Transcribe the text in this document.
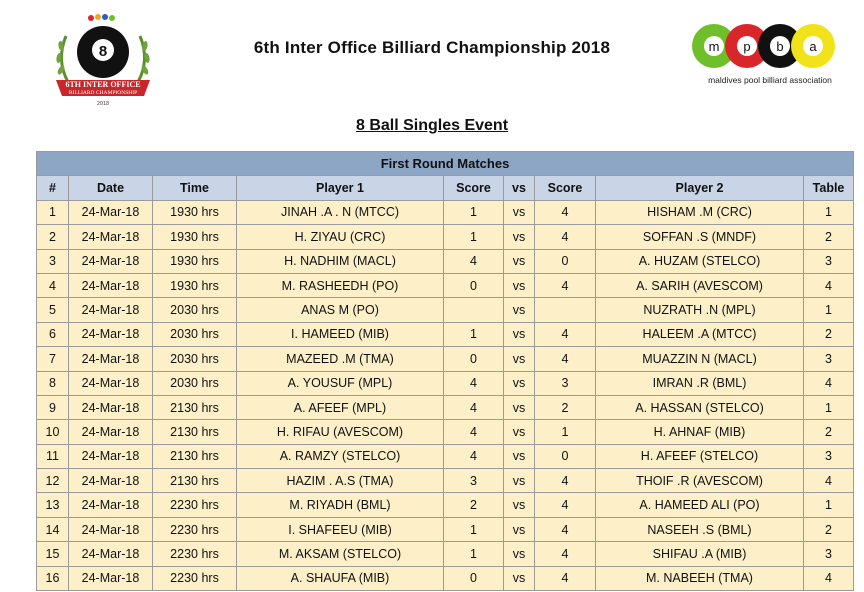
8
6TH INTER OFFICE
BILLIARD CHAMPIONSHIP
2018
6th Inter Office Billiard Championship 2018	m p b a
maldives pool billiard association
8 Ball Singles Event
First Round Matches								
#	Date	Time	Player 1	Score	vs	Score	Player 2	Table
1	24-Mar-18	1930 hrs	JINAH .A . N (MTCC)	1	vs	4	HISHAM .M (CRC)	1
2	24-Mar-18	1930 hrs	H. ZIYAU (CRC)	1	vs	4	SOFFAN .S (MNDF)	2
3	24-Mar-18	1930 hrs	H. NADHIM (MACL)	4	vs	0	A. HUZAM (STELCO)	3
4	24-Mar-18	1930 hrs	M. RASHEEDH (PO)	0	vs	4	A. SARIH (AVESCOM)	4
5	24-Mar-18	2030 hrs	ANAS M (PO)		vs		NUZRATH .N (MPL)	1
6	24-Mar-18	2030 hrs	I. HAMEED (MIB)	1	vs	4	HALEEM .A (MTCC)	2
7	24-Mar-18	2030 hrs	MAZEED .M (TMA)	0	vs	4	MUAZZIN N (MACL)	3
8	24-Mar-18	2030 hrs	A. YOUSUF (MPL)	4	vs	3	IMRAN .R (BML)	4
9	24-Mar-18	2130 hrs	A. AFEEF (MPL)	4	vs	2	A. HASSAN (STELCO)	1
10	24-Mar-18	2130 hrs	H. RIFAU (AVESCOM)	4	vs	1	H. AHNAF (MIB)	2
11	24-Mar-18	2130 hrs	A. RAMZY (STELCO)	4	vs	0	H. AFEEF (STELCO)	3
12	24-Mar-18	2130 hrs	HAZIM . A.S (TMA)	3	vs	4	THOIF .R (AVESCOM)	4
13	24-Mar-18	2230 hrs	M. RIYADH (BML)	2	vs	4	A. HAMEED ALI (PO)	1
14	24-Mar-18	2230 hrs	I. SHAFEEU (MIB)	1	vs	4	NASEEH .S (BML)	2
15	24-Mar-18	2230 hrs	M. AKSAM (STELCO)	1	vs	4	SHIFAU .A (MIB)	3
16	24-Mar-18	2230 hrs	A. SHAUFA (MIB)	0	vs	4	M. NABEEH (TMA)	4
